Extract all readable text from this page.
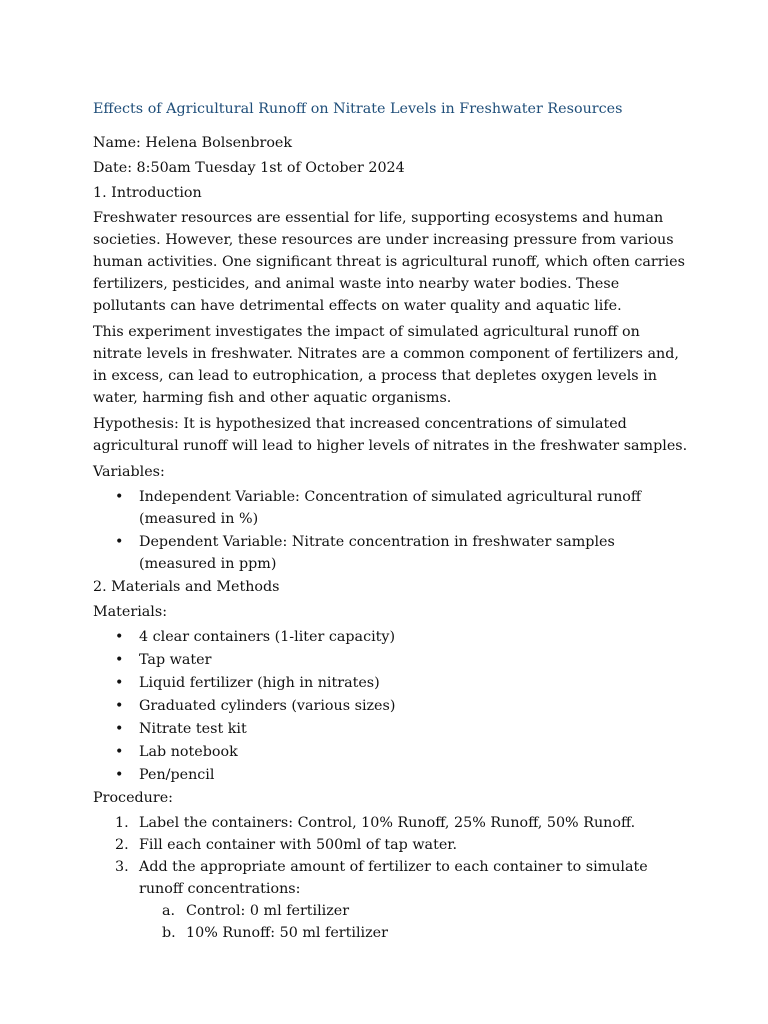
Effects of Agricultural Runoff on Nitrate Levels in Freshwater Resources
Name: Helena Bolsenbroek
Date: 8:50am Tuesday 1st of October 2024
1. Introduction

Freshwater resources are essential for life, supporting ecosystems and human societies. However, these resources are under increasing pressure from various human activities. One significant threat is agricultural runoff, which often carries fertilizers, pesticides, and animal waste into nearby water bodies. These pollutants can have detrimental effects on water quality and aquatic life.

This experiment investigates the impact of simulated agricultural runoff on nitrate levels in freshwater. Nitrates are a common component of fertilizers and, in excess, can lead to eutrophication, a process that depletes oxygen levels in water, harming fish and other aquatic organisms.

Hypothesis: It is hypothesized that increased concentrations of simulated agricultural runoff will lead to higher levels of nitrates in the freshwater samples.

Variables:
• Independent Variable: Concentration of simulated agricultural runoff (measured in %)
• Dependent Variable: Nitrate concentration in freshwater samples (measured in ppm)
2. Materials and Methods
Materials:
• 4 clear containers (1-liter capacity)
• Tap water
• Liquid fertilizer (high in nitrates)
• Graduated cylinders (various sizes)
• Nitrate test kit
• Lab notebook
• Pen/pencil
Procedure:
1. Label the containers: Control, 10% Runoff, 25% Runoff, 50% Runoff.
2. Fill each container with 500ml of tap water.
3. Add the appropriate amount of fertilizer to each container to simulate runoff concentrations:
a. Control: 0 ml fertilizer
b. 10% Runoff: 50 ml fertilizer
